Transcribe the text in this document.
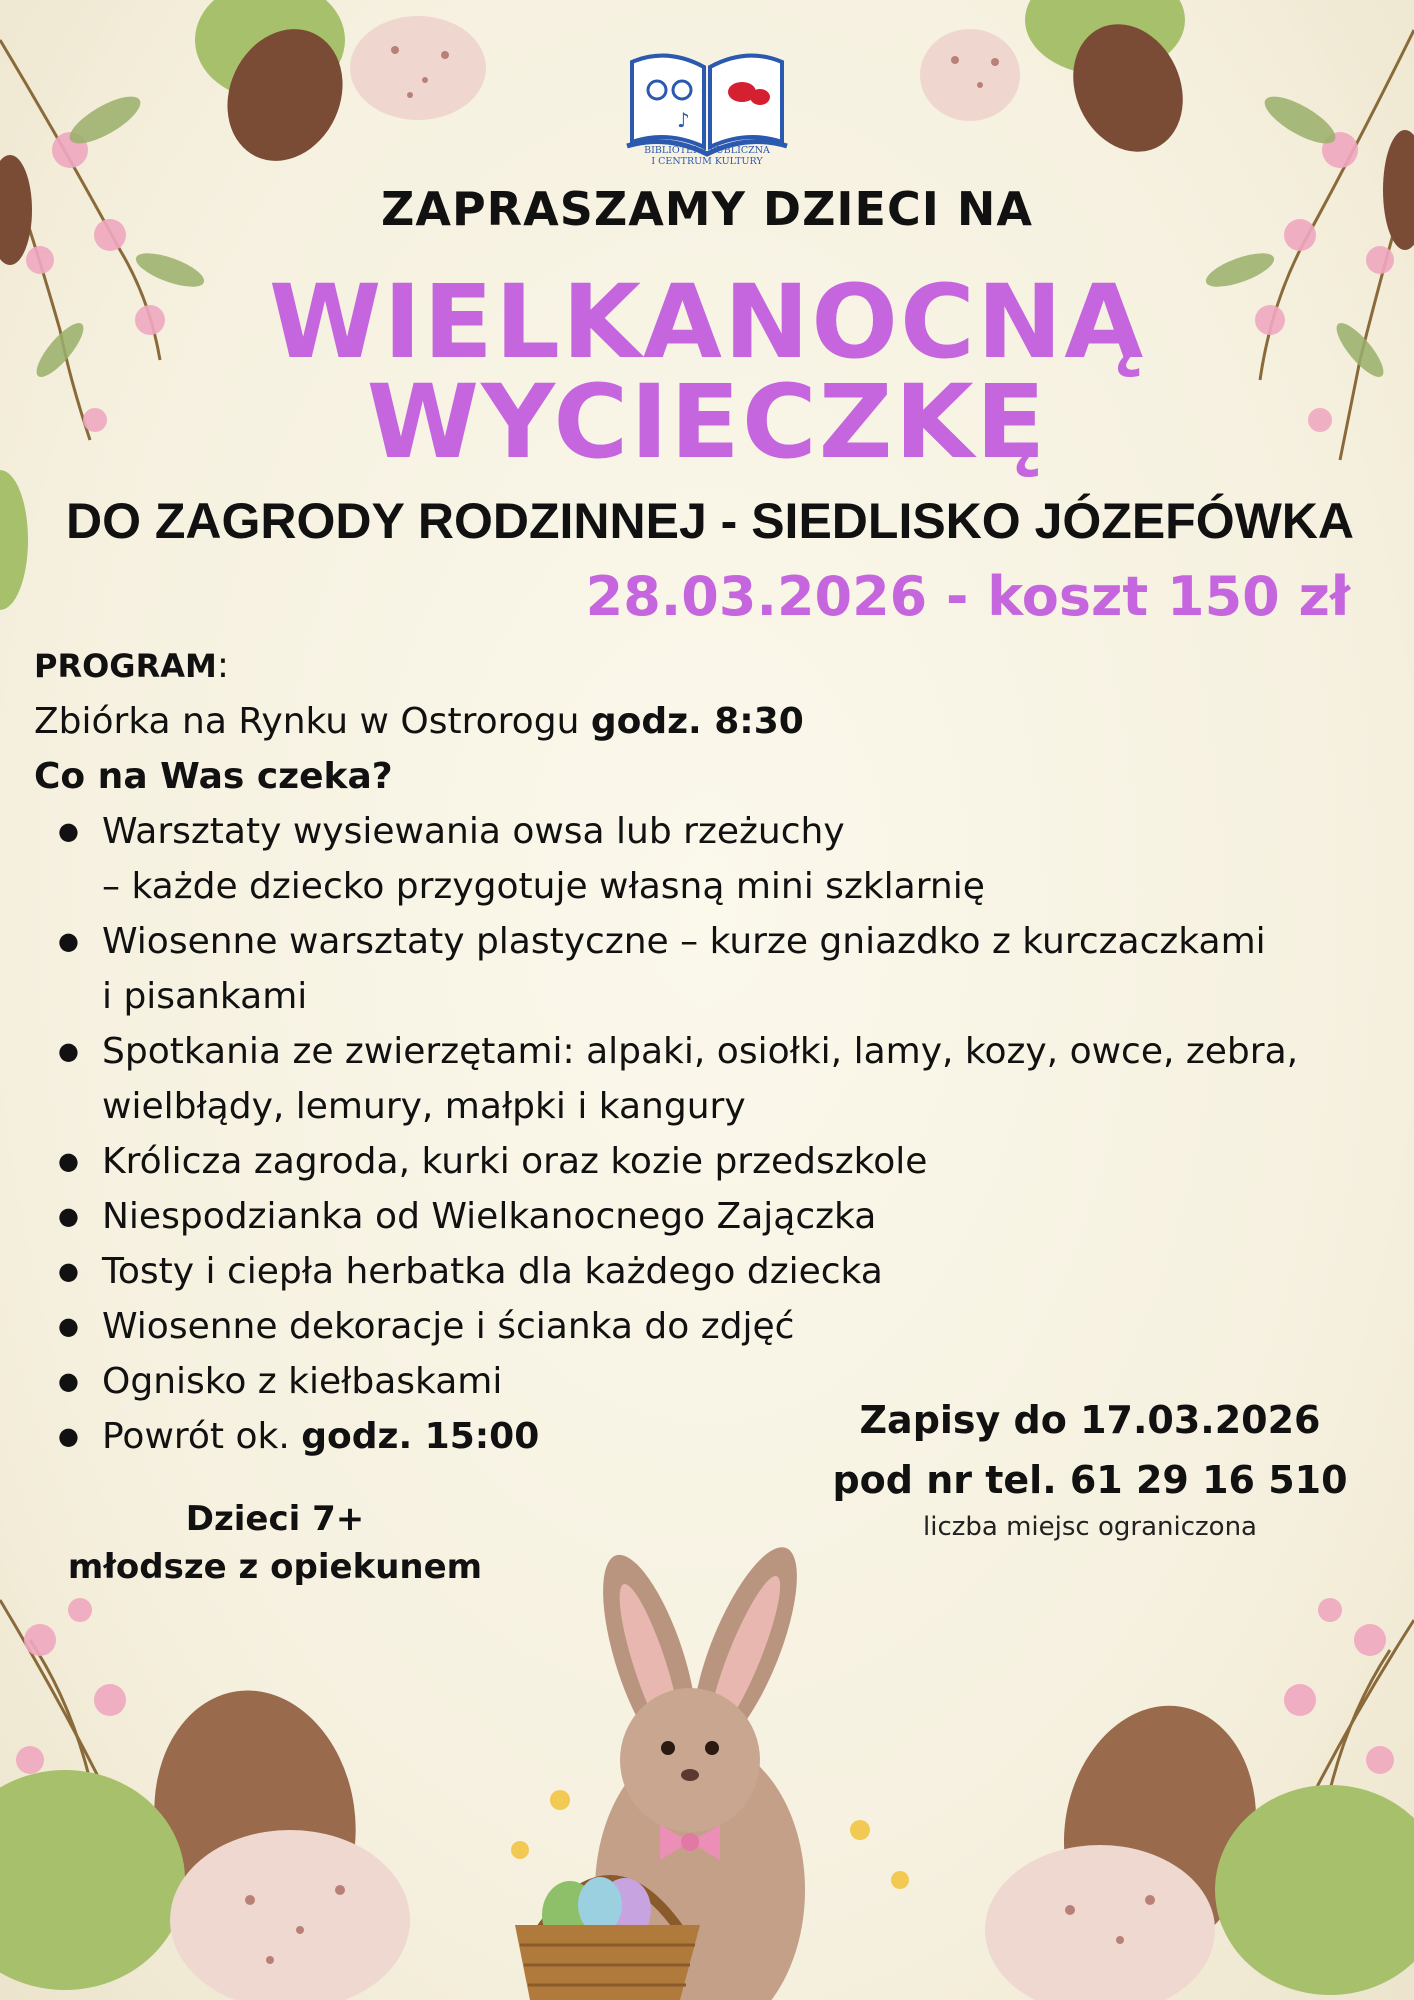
♪
BIBLIOTEKA PUBLICZNA
I CENTRUM KULTURY
ZAPRASZAMY DZIECI NA
WIELKANOCNĄ
WYCIECZKĘ
DO ZAGRODY RODZINNEJ - SIEDLISKO JÓZEFÓWKA
28.03.2026 - koszt 150 zł
PROGRAM:
Zbiórka na Rynku w Ostrorogu godz. 8:30
Co na Was czeka?
● Warsztaty wysiewania owsa lub rzeżuchy
– każde dziecko przygotuje własną mini szklarnię
● Wiosenne warsztaty plastyczne – kurze gniazdko z kurczaczkami
i pisankami
● Spotkania ze zwierzętami: alpaki, osiołki, lamy, kozy, owce, zebra,
wielbłądy, lemury, małpki i kangury
● Królicza zagroda, kurki oraz kozie przedszkole
● Niespodzianka od Wielkanocnego Zajączka
● Tosty i ciepła herbatka dla każdego dziecka
● Wiosenne dekoracje i ścianka do zdjęć
● Ognisko z kiełbaskami
● Powrót ok. godz. 15:00	Zapisy do 17.03.2026
pod nr tel. 61 29 16 510
liczba miejsc ograniczona
Dzieci 7+
młodsze z opiekunem
